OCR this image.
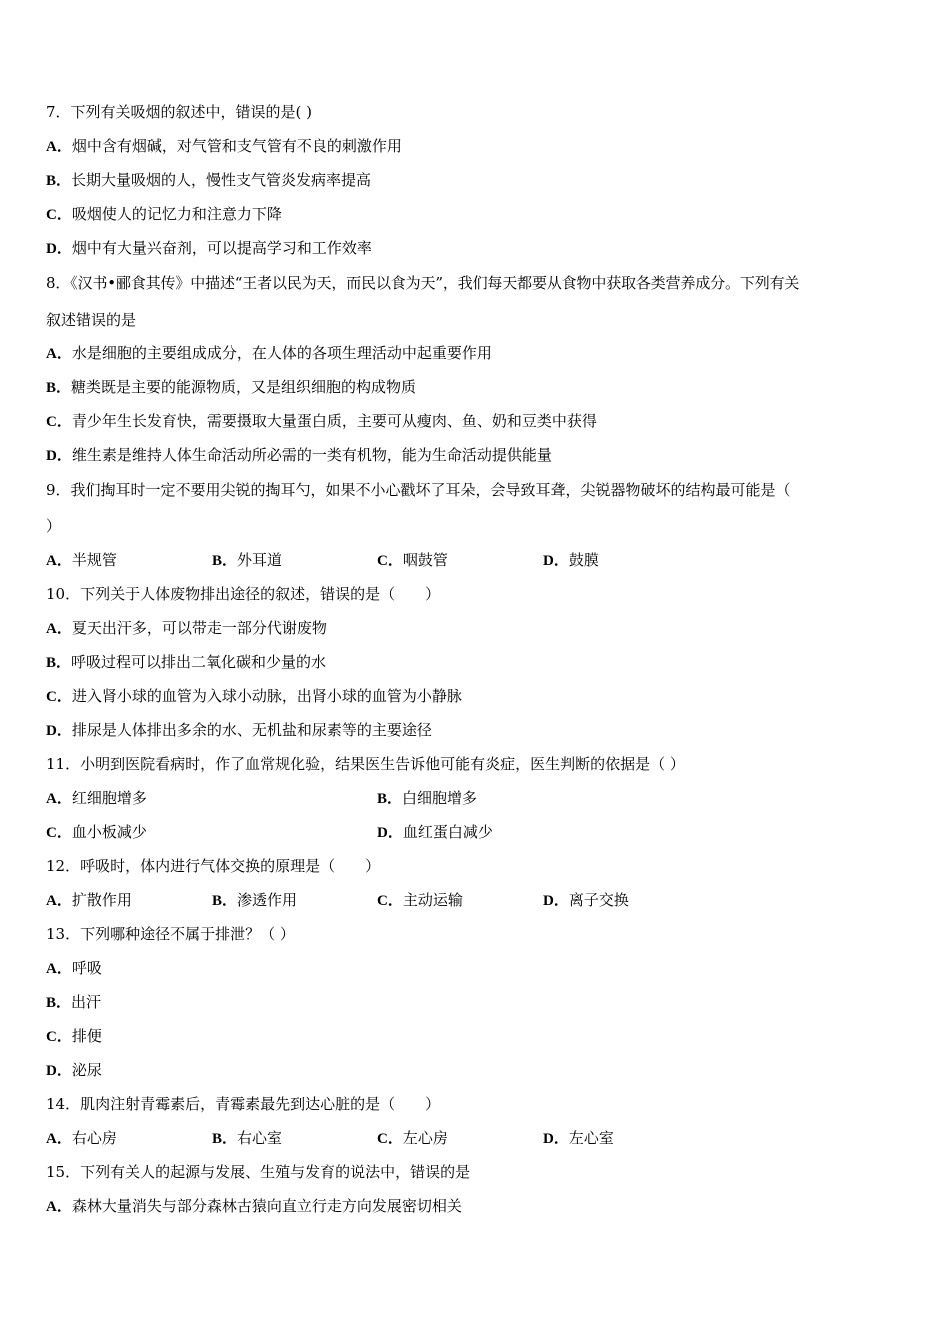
7．下列有关吸烟的叙述中，错误的是( )
A．烟中含有烟碱，对气管和支气管有不良的刺激作用
B．长期大量吸烟的人，慢性支气管炎发病率提高
C．吸烟使人的记忆力和注意力下降
D．烟中有大量兴奋剂，可以提高学习和工作效率
8．《汉书•郦食其传》中描述“王者以民为天，而民以食为天”，我们每天都要从食物中获取各类营养成分。下列有关
叙述错误的是
A．水是细胞的主要组成成分，在人体的各项生理活动中起重要作用
B．糖类既是主要的能源物质，又是组织细胞的构成物质
C．青少年生长发育快，需要摄取大量蛋白质，主要可从瘦肉、鱼、奶和豆类中获得
D．维生素是维持人体生命活动所必需的一类有机物，能为生命活动提供能量
9．我们掏耳时一定不要用尖锐的掏耳勺，如果不小心戳坏了耳朵，会导致耳聋，尖锐器物破坏的结构最可能是（
）
A．半规管	B．外耳道	C．咽鼓管	D．鼓膜
10．下列关于人体废物排出途径的叙述，错误的是（　　）
A．夏天出汗多，可以带走一部分代谢废物
B．呼吸过程可以排出二氧化碳和少量的水
C．进入肾小球的血管为入球小动脉，出肾小球的血管为小静脉
D．排尿是人体排出多余的水、无机盐和尿素等的主要途径
11．小明到医院看病时，作了血常规化验，结果医生告诉他可能有炎症，医生判断的依据是（ ）
A．红细胞增多	B．白细胞增多
C．血小板减少	D．血红蛋白减少
12．呼吸时，体内进行气体交换的原理是（　　）
A．扩散作用	B．渗透作用	C．主动运输	D．离子交换
13．下列哪种途径不属于排泄？（ ）
A．呼吸
B．出汗
C．排便
D．泌尿
14．肌肉注射青霉素后，青霉素最先到达心脏的是（　　）
A．右心房	B．右心室	C．左心房	D．左心室
15．下列有关人的起源与发展、生殖与发育的说法中，错误的是
A．森林大量消失与部分森林古猿向直立行走方向发展密切相关
